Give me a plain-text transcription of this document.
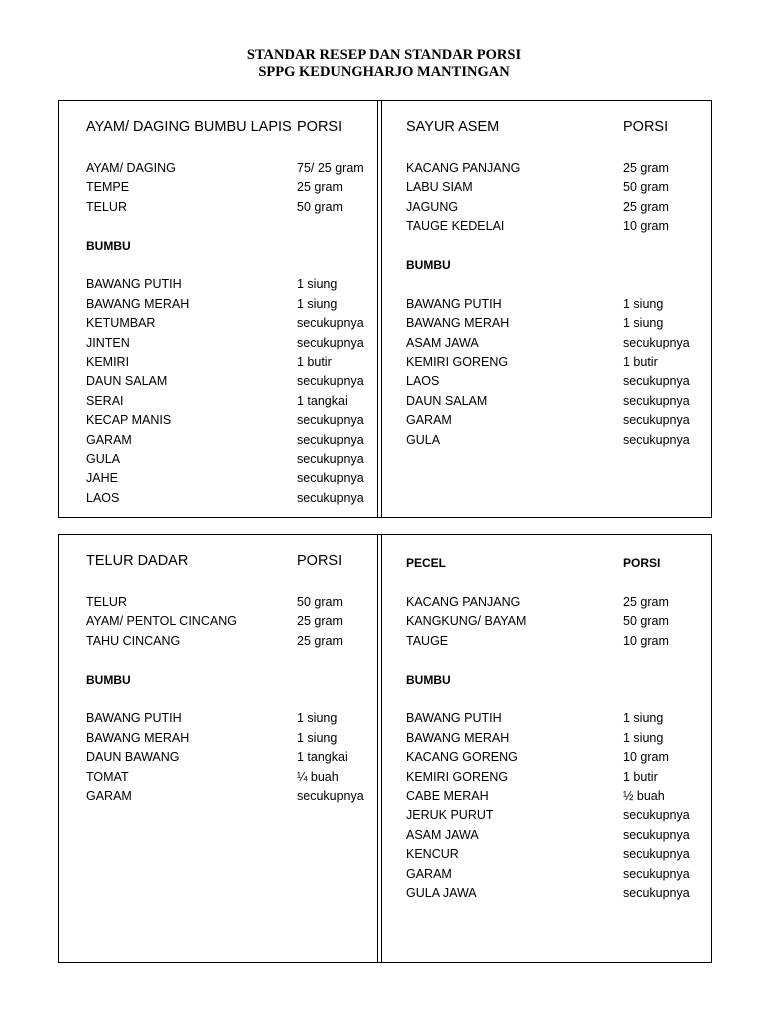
STANDAR RESEP DAN STANDAR PORSI
SPPG KEDUNGHARJO MANTINGAN
AYAM/ DAGING BUMBU LAPIS PORSI
AYAM/ DAGING	75/ 25 gram
TEMPE	25 gram
TELUR	50 gram
BUMBU
BAWANG PUTIH	1 siung
BAWANG MERAH	1 siung
KETUMBAR	secukupnya
JINTEN	secukupnya
KEMIRI	1 butir
DAUN SALAM	secukupnya
SERAI	1 tangkai
KECAP MANIS	secukupnya
GARAM	secukupnya
GULA	secukupnya
JAHE	secukupnya
LAOS	secukupnya
SAYUR ASEM	PORSI
KACANG PANJANG	25 gram
LABU SIAM	50 gram
JAGUNG	25 gram
TAUGE KEDELAI	10 gram
BUMBU
BAWANG PUTIH	1 siung
BAWANG MERAH	1 siung
ASAM JAWA	secukupnya
KEMIRI GORENG	1 butir
LAOS	secukupnya
DAUN SALAM	secukupnya
GARAM	secukupnya
GULA	secukupnya
TELUR DADAR	PORSI
TELUR	50 gram
AYAM/ PENTOL CINCANG	25 gram
TAHU CINCANG	25 gram
BUMBU
BAWANG PUTIH	1 siung
BAWANG MERAH	1 siung
DAUN BAWANG	1 tangkai
TOMAT	¼ buah
GARAM	secukupnya
PECEL	PORSI
KACANG PANJANG	25 gram
KANGKUNG/ BAYAM	50 gram
TAUGE	10 gram
BUMBU
BAWANG PUTIH	1 siung
BAWANG MERAH	1 siung
KACANG GORENG	10 gram
KEMIRI GORENG	1 butir
CABE MERAH	½ buah
JERUK PURUT	secukupnya
ASAM JAWA	secukupnya
KENCUR	secukupnya
GARAM	secukupnya
GULA JAWA	secukupnya
